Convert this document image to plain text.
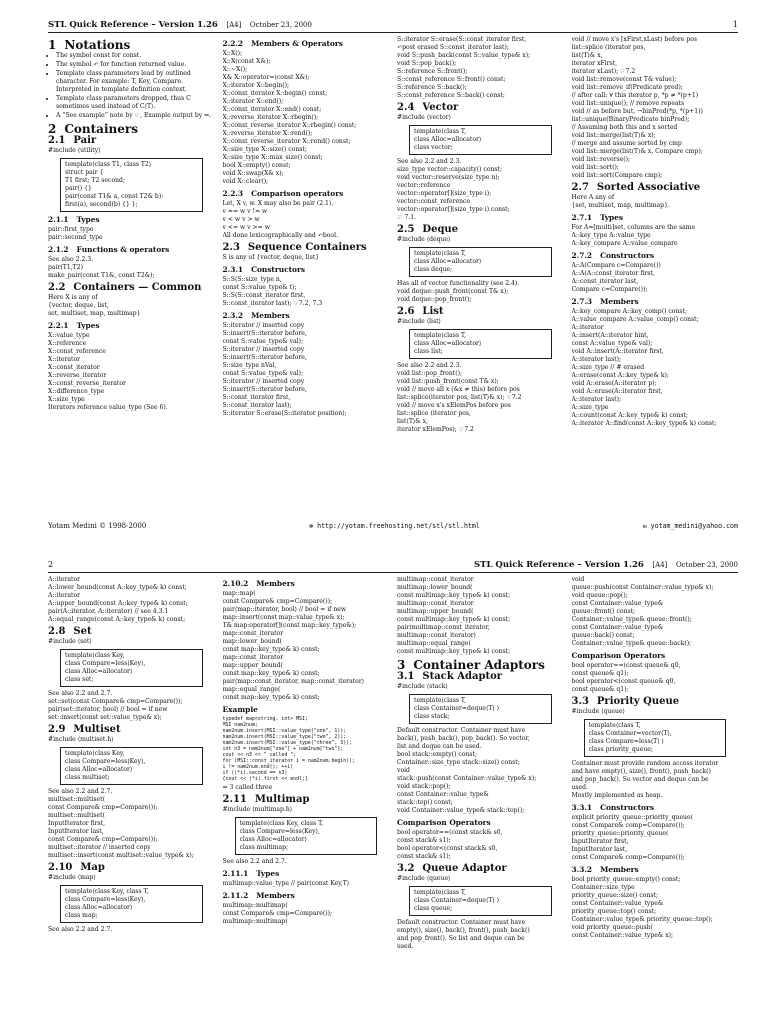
STL Quick Reference – Version 1.26 [A4] October 23, 2000	1
1 Notations
• The symbol const for const.
• The symbol ↶ for function returned value.
• Template class parameters lead by outlined character. For example: T, Key, Compare. Interpreted in template definition context.
• Template class parameters dropped, thus C sometimes used instead of C⟨T⟩.
• A “See example” note by ☞, Example output by ⇒.
2 Containers
2.1 Pair
#include ⟨utility⟩
template⟨class T1, class T2⟩
struct pair {
T1 first; T2 second;
pair() {}
pair(const T1& a, const T2& b):
first(a), second(b) {} };
2.1.1 Types
pair::first_type
pair::second_type
2.1.2 Functions & operators
See also 2.2.3.
pair(T1,T2)
make_pair(const T1&, const T2&);
2.2 Containers — Common
Here X is any of
{vector, deque, list,
set, multiset, map, multimap}
2.2.1 Types
X::value_type
X::reference
X::const_reference
X::iterator
X::const_iterator
X::reverse_iterator
X::const_reverse_iterator
X::difference_type
X::size_type
Iterators reference value_type (See 6).
2.2.2 Members & Operators
X::X();
X::X(const X&);
X::~X();
X& X::operator=(const X&);
X::iterator X::begin();
X::const_iterator X::begin() const;
X::iterator X::end();
X::const_iterator X::end() const;
X::reverse_iterator X::rbegin();
X::const_reverse_iterator X::rbegin() const;
X::reverse_iterator X::rend();
X::const_reverse_iterator X::rend() const;
X::size_type X::size() const;
X::size_type X::max_size() const;
bool X::empty() const;
void X::swap(X& x);
void X::clear();
2.2.3 Comparison operators
Let, X v, w. X may also be pair (2.1).
v == w v != w
v < w v > w
v <= w v >= w
All done lexicographically and ↶bool.
2.3 Sequence Containers
S is any of {vector, deque, list}
2.3.1 Constructors
S::S(S::size_type n,
const S::value_type& t);
S::S(S::const_iterator first,
S::const_iterator last); ☞7.2, 7.3
2.3.2 Members
S::iterator // inserted copy
S::insert(S::iterator before,
const S::value_type& val);
S::iterator // inserted copy
S::insert(S::iterator before,
S::size_type nVal,
const S::value_type& val);
S::iterator // inserted copy
S::insert(S::iterator before,
S::const_iterator first,
S::const_iterator last);
S::iterator S::erase(S::iterator position);
S::iterator S::erase(S::const_iterator first,
↶post erased S::const_iterator last);
void S::push_back(const S::value_type& x);
void S::pop_back();
S::reference S::front();
S::const_reference S::front() const;
S::reference S::back();
S::const_reference S::back() const;
2.4 Vector
#include ⟨vector⟩
template⟨class T,
class Alloc=allocator⟩
class vector;
See also 2.2 and 2.3.
size_type vector::capacity() const;
void vector::reserve(size_type n);
vector::reference
vector::operator[](size_type i);
vector::const_reference
vector::operator[](size_type i) const;
☞ 7.1.
2.5 Deque
#include ⟨deque⟩
template⟨class T,
class Alloc=allocator⟩
class deque;
Has all of vector functionality (see 2.4).
void deque::push_front(const T& x);
void deque::pop_front();
2.6 List
#include ⟨list⟩
template⟨class T,
class Alloc=allocator⟩
class list;
See also 2.2 and 2.3.
void list::pop_front();
void list::push_front(const T& x);
void // move all x (&x ≠ this) before pos
list::splice(iterator pos, list⟨T⟩& x); ☞7.2
void // move x's xElemPos before pos
list::splice (iterator pos,
list⟨T⟩& x,
iterator xElemPos); ☞7.2
void // move x's [xFirst,xLast) before pos
list::splice (iterator pos,
list⟨T⟩& x,
iterator xFirst,
iterator xLast); ☞7.2
void list::remove(const T& value);
void list::remove_if(Predicate pred);
// after call: ∀ this iterator p, *p ≠ *(p+1)
void list::unique(); // remove repeats
void // as before but, ¬binPred(*p, *(p+1))
list::unique(BinaryPredicate binPred);
// Assuming both this and x sorted
void list::merge(list⟨T⟩& x);
// merge and assume sorted by cmp
void list::merge(list⟨T⟩& x, Compare cmp);
void list::reverse();
void list::sort();
void list::sort(Compare cmp);
2.7 Sorted Associative
Here A any of
{set, multiset, map, multimap}.
2.7.1 Types
For A=[multi]set, columns are the same
A::key_type A::value_type
A::key_compare A::value_compare
2.7.2 Constructors
A::A(Compare c=Compare())
A::A(A::const_iterator first,
A::const_iterator last,
Compare c=Compare());
2.7.3 Members
A::key_compare A::key_comp() const;
A::value_compare A::value_comp() const;
A::iterator
A::insert(A::iterator hint,
const A::value_type& val);
void A::insert(A::iterator first,
A::iterator last);
A::size_type // # erased
A::erase(const A::key_type& k);
void A::erase(A::iterator p);
void A::erase(A::iterator first,
A::iterator last);
A::size_type
A::count(const A::key_type& k) const;
A::iterator A::find(const A::key_type& k) const;
Yotam Medini © 1998-2000	✻ http://yotam.freehosting.net/stl/stl.html	✉ yotam_medini@yahoo.com
2	STL Quick Reference – Version 1.26 [A4] October 23, 2000
A::iterator
A::lower_bound(const A::key_type& k) const;
A::iterator
A::upper_bound(const A::key_type& k) const;
pair⟨A::iterator, A::iterator⟩ // see 4.3.1
A::equal_range(const A::key_type& k) const;
2.8 Set
#include ⟨set⟩
template⟨class Key,
class Compare=less⟨Key⟩,
class Alloc=allocator⟩
class set;
See also 2.2 and 2.7.
set::set(const Compare& cmp=Compare());
pair⟨set::iterator, bool⟩ // bool = if new
set::insert(const set::value_type& x);
2.9 Multiset
#include ⟨multiset.h⟩
template⟨class Key,
class Compare=less⟨Key⟩,
class Alloc=allocator⟩
class multiset;
See also 2.2 and 2.7.
multiset::multiset(
const Compare& cmp=Compare());
multiset::multiset(
InputIterator first,
InputIterator last,
const Compare& cmp=Compare());
multiset::iterator // inserted copy
multiset::insert(const multiset::value_type& x);
2.10 Map
#include ⟨map⟩
template⟨class Key, class T,
class Compare=less⟨Key⟩,
class Alloc=allocator⟩
class map;
See also 2.2 and 2.7.
2.10.2 Members
map::map(
const Compare& cmp=Compare());
pair⟨map::iterator, bool⟩ // bool = if new
map::insert(const map::value_type& x);
T& map:operator[](const map::key_type&);
map::const_iterator
map::lower_bound(
const map::key_type& k) const;
map::const_iterator
map::upper_bound(
const map::key_type& k) const;
pair⟨map::const_iterator, map::const_iterator⟩
map::equal_range(
const map::key_type& k) const;
Example
typedef map<string, int> MSI;
MSI nam2num;
nam2num.insert(MSI::value_type("one", 1));
nam2num.insert(MSI::value_type("two", 2));
nam2num.insert(MSI::value_type("three", 3));
int n3 = nam2num["one"] + nam2num["two"];
cout << n3 << " called ";
for (MSI::const_iterator i = nam2num.begin();
i != nam2num.end(); ++i)
if ((*i).second == n3)
{cout << (*i).first << endl;}
⇒ 3 called three
2.11 Multimap
#include ⟨multimap.h⟩
template⟨class Key, class T,
class Compare=less⟨Key⟩,
class Alloc=allocator⟩
class multimap;
See also 2.2 and 2.7.
2.11.1 Types
multimap::value_type // pair⟨const Key,T⟩
2.11.2 Members
multimap::multimap(
const Compare& cmp=Compare());
multimap::multimap(
multimap::const_iterator
multimap::lower_bound(
const multimap::key_type& k) const;
multimap::const_iterator
multimap::upper_bound(
const multimap::key_type& k) const;
pair⟨multimap::const_iterator,
multimap::const_iterator⟩
multimap::equal_range(
const multimap::key_type& k) const;
3 Container Adaptors
3.1 Stack Adaptor
#include ⟨stack⟩
template⟨class T,
class Container=deque⟨T⟩ ⟩
class stack;
Default constructor. Container must have
back(), push_back(), pop_back(). So vector,
list and deque can be used.
bool stack::empty() const;
Container::size_type stack::size() const;
void
stack::push(const Container::value_type& x);
void stack::pop();
const Container::value_type&
stack::top() const;
void Container::value_type& stack::top();
Comparison Operators
bool operator==(const stack& s0,
const stack& s1);
bool operator<(const stack& s0,
const stack& s1);
3.2 Queue Adaptor
#include ⟨queue⟩
template⟨class T,
class Container=deque⟨T⟩ ⟩
class queue;
Default constructor. Container must have
empty(), size(), back(), front(), push_back()
and pop_front(). So list and deque can be
used.
void
queue::push(const Container::value_type& x);
void queue::pop();
const Container::value_type&
queue::front() const;
Container::value_type& queue::front();
const Container::value_type&
queue::back() const;
Container::value_type& queue::back();
Comparison Operators
bool operator==(const queue& q0,
const queue& q1);
bool operator<(const queue& q0,
const queue& q1);
3.3 Priority Queue
#include ⟨queue⟩
template⟨class T,
class Container=vector⟨T⟩,
class Compare=less⟨T⟩ ⟩
class priority_queue;
Container must provide random access iterator
and have empty(), size(), front(), push_back()
and pop_back(). So vector and deque can be
used.
Mostly implemented as heap.
3.3.1 Constructors
explicit priority_queue::priority_queue(
const Compare& comp=Compare());
priority_queue::priority_queue(
InputIterator first,
InputIterator last,
const Compare& comp=Compare());
3.3.2 Members
bool priority_queue::empty() const;
Container::size_type
priority_queue::size() const;
const Container::value_type&
priority_queue::top() const;
Container::value_type& priority_queue::top();
void priority_queue::push(
const Container::value_type& x);
